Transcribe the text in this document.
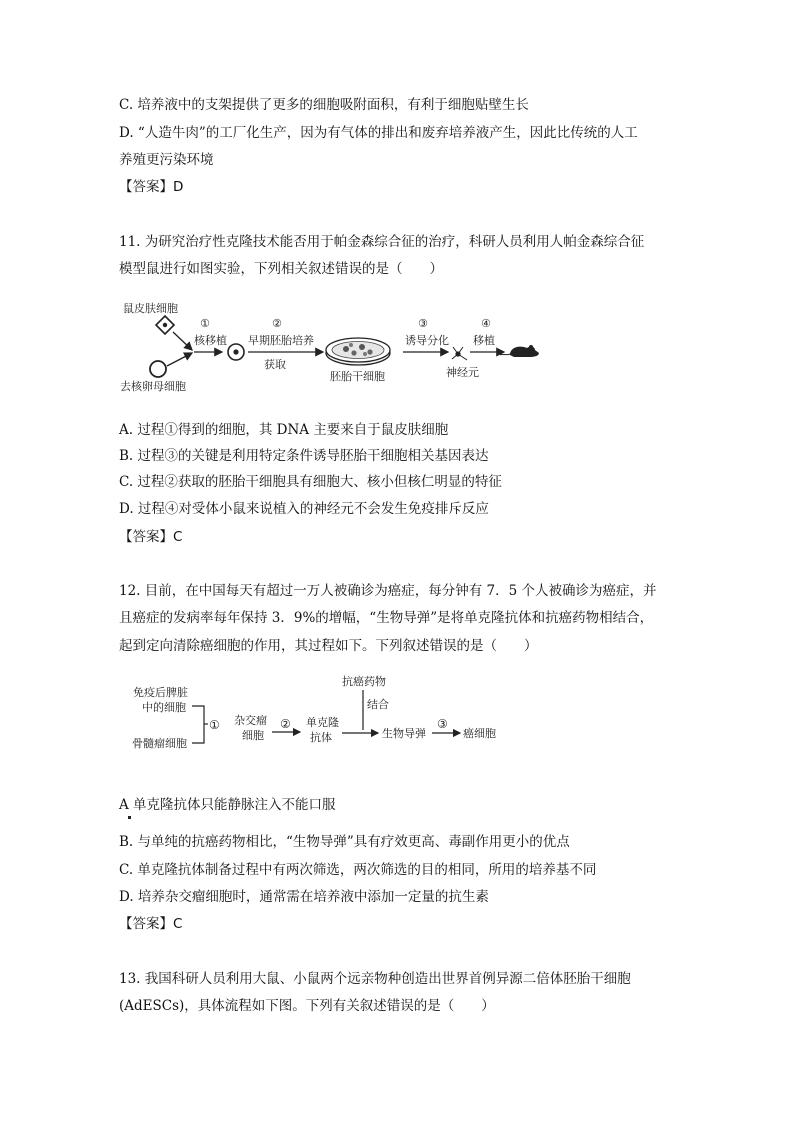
C. 培养液中的支架提供了更多的细胞吸附面积，有利于细胞贴壁生长
D. “人造牛肉”的工厂化生产，因为有气体的排出和废弃培养液产生，因此比传统的人工
养殖更污染环境
【答案】D
11. 为研究治疗性克隆技术能否用于帕金森综合征的治疗，科研人员利用人帕金森综合征
模型鼠进行如图实验，下列相关叙述错误的是（　　）
鼠皮肤细胞
去核卵母细胞
①
核移植
②
早期胚胎培养
获取
胚胎干细胞
③
诱导分化
神经元
④
移植
A. 过程①得到的细胞，其 DNA 主要来自于鼠皮肤细胞
B. 过程③的关键是利用特定条件诱导胚胎干细胞相关基因表达
C. 过程②获取的胚胎干细胞具有细胞大、核小但核仁明显的特征
D. 过程④对受体小鼠来说植入的神经元不会发生免疫排斥反应
【答案】C
12. 目前，在中国每天有超过一万人被确诊为癌症，每分钟有 7．5 个人被确诊为癌症，并
且癌症的发病率每年保持 3．9%的增幅，“生物导弹”是将单克隆抗体和抗癌药物相结合，
起到定向清除癌细胞的作用，其过程如下。下列叙述错误的是（　　）
免疫后脾脏
中的细胞
骨髓瘤细胞
① 杂交瘤
细胞
② 单克隆
抗体
抗癌药物
结合
生物导弹
③
癌细胞
A 单克隆抗体只能静脉注入不能口服
B. 与单纯的抗癌药物相比，“生物导弹”具有疗效更高、毒副作用更小的优点
C. 单克隆抗体制备过程中有两次筛选，两次筛选的目的相同，所用的培养基不同
D. 培养杂交瘤细胞时，通常需在培养液中添加一定量的抗生素
【答案】C
13. 我国科研人员利用大鼠、小鼠两个远亲物种创造出世界首例异源二倍体胚胎干细胞
(AdESCs)，具体流程如下图。下列有关叙述错误的是（　　）
